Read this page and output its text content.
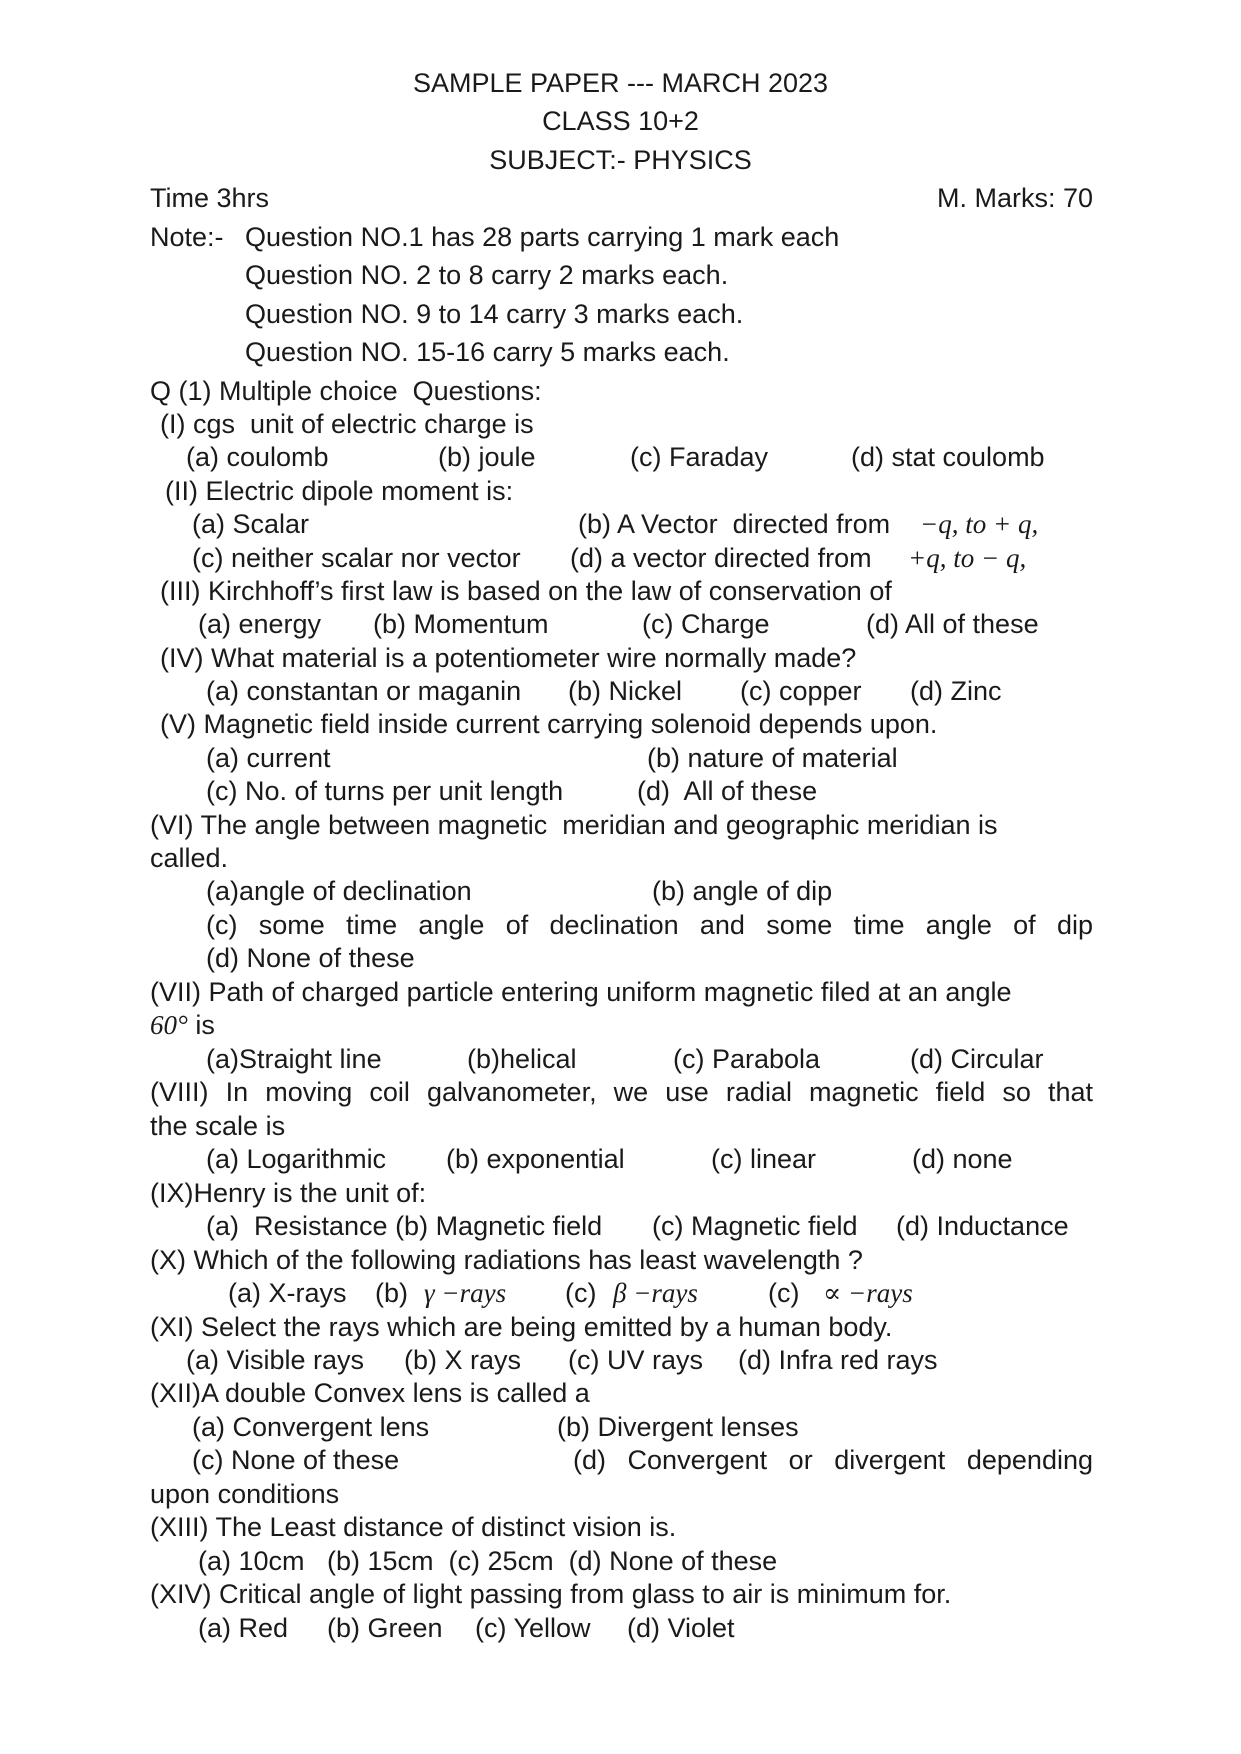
SAMPLE PAPER --- MARCH 2023
CLASS 10+2
SUBJECT:- PHYSICS
Time 3hrs	M. Marks: 70
Note:- Question NO.1 has 28 parts carrying 1 mark each
Question NO. 2 to 8 carry 2 marks each.
Question NO. 9 to 14 carry 3 marks each.
Question NO. 15-16 carry 5 marks each.
Q (1) Multiple choice  Questions:
(I) cgs  unit of electric charge is
(a) coulomb	(b) joule	(c) Faraday	(d) stat coulomb
(II) Electric dipole moment is:
(a) Scalar	(b) A Vector  directed from −q, to + q,
(c) neither scalar nor vector (d) a vector directed from +q, to − q,
(III) Kirchhoff’s first law is based on the law of conservation of
(a) energy (b) Momentum	(c) Charge	(d) All of these
(IV) What material is a potentiometer wire normally made?
(a) constantan or maganin (b) Nickel (c) copper (d) Zinc
(V) Magnetic field inside current carrying solenoid depends upon.
(a) current	(b) nature of material
(c) No. of turns per unit length	(d)  All of these
(VI) The angle between magnetic  meridian and geographic meridian is
called.
(a)angle of declination	(b) angle of dip
(c) some time angle of declination and some time angle of dip
(d) None of these
(VII) Path of charged particle entering uniform magnetic filed at an angle
60° is
(a)Straight line	(b)helical	(c) Parabola	(d) Circular
(VIII) In moving coil galvanometer, we use radial magnetic field so that
the scale is
(a) Logarithmic (b) exponential	(c) linear	(d) none
(IX)Henry is the unit of:
(a)  Resistance (b) Magnetic field (c) Magnetic field (d) Inductance
(X) Which of the following radiations has least wavelength ?
(a) X-rays (b) γ −rays (c) β −rays	(c) ∝ −rays
(XI) Select the rays which are being emitted by a human body.
(a) Visible rays (b) X rays (c) UV rays (d) Infra red rays
(XII)A double Convex lens is called a
(a) Convergent lens	(b) Divergent lenses
(c) None of these	(d) Convergent or divergent depending
upon conditions
(XIII) The Least distance of distinct vision is.
(a) 10cm   (b) 15cm  (c) 25cm  (d) None of these
(XIV) Critical angle of light passing from glass to air is minimum for.
(a) Red (b) Green (c) Yellow (d) Violet
